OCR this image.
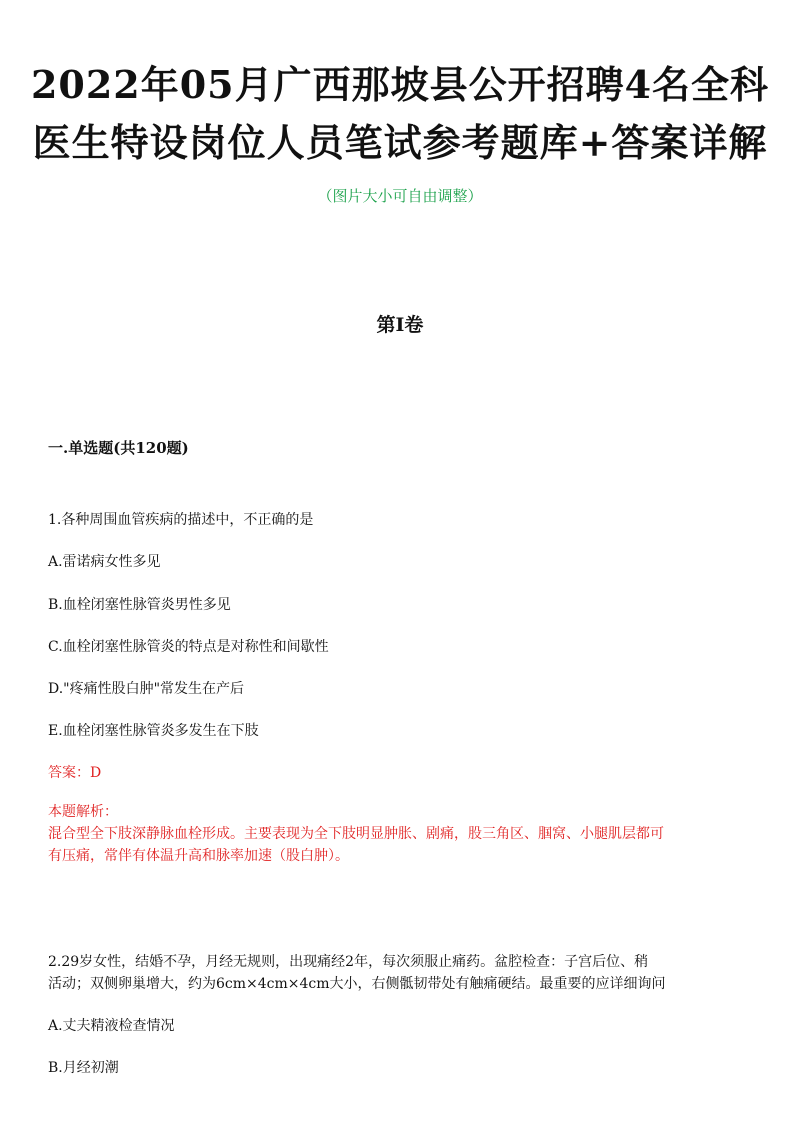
2022年05月广西那坡县公开招聘4名全科
医生特设岗位人员笔试参考题库+答案详解
（图片大小可自由调整）
第I卷
一.单选题(共120题)
1.各种周围血管疾病的描述中，不正确的是
A.雷诺病女性多见
B.血栓闭塞性脉管炎男性多见
C.血栓闭塞性脉管炎的特点是对称性和间歇性
D."疼痛性股白肿"常发生在产后
E.血栓闭塞性脉管炎多发生在下肢
答案：D
本题解析：
混合型全下肢深静脉血栓形成。主要表现为全下肢明显肿胀、剧痛，股三角区、腘窝、小腿肌层都可
有压痛，常伴有体温升高和脉率加速（股白肿）。
2.29岁女性，结婚不孕，月经无规则，出现痛经2年，每次须服止痛药。盆腔检查：子宫后位、稍
活动；双侧卵巢增大，约为6cm×4cm×4cm大小，右侧骶韧带处有触痛硬结。最重要的应详细询问
A.丈夫精液检查情况
B.月经初潮
